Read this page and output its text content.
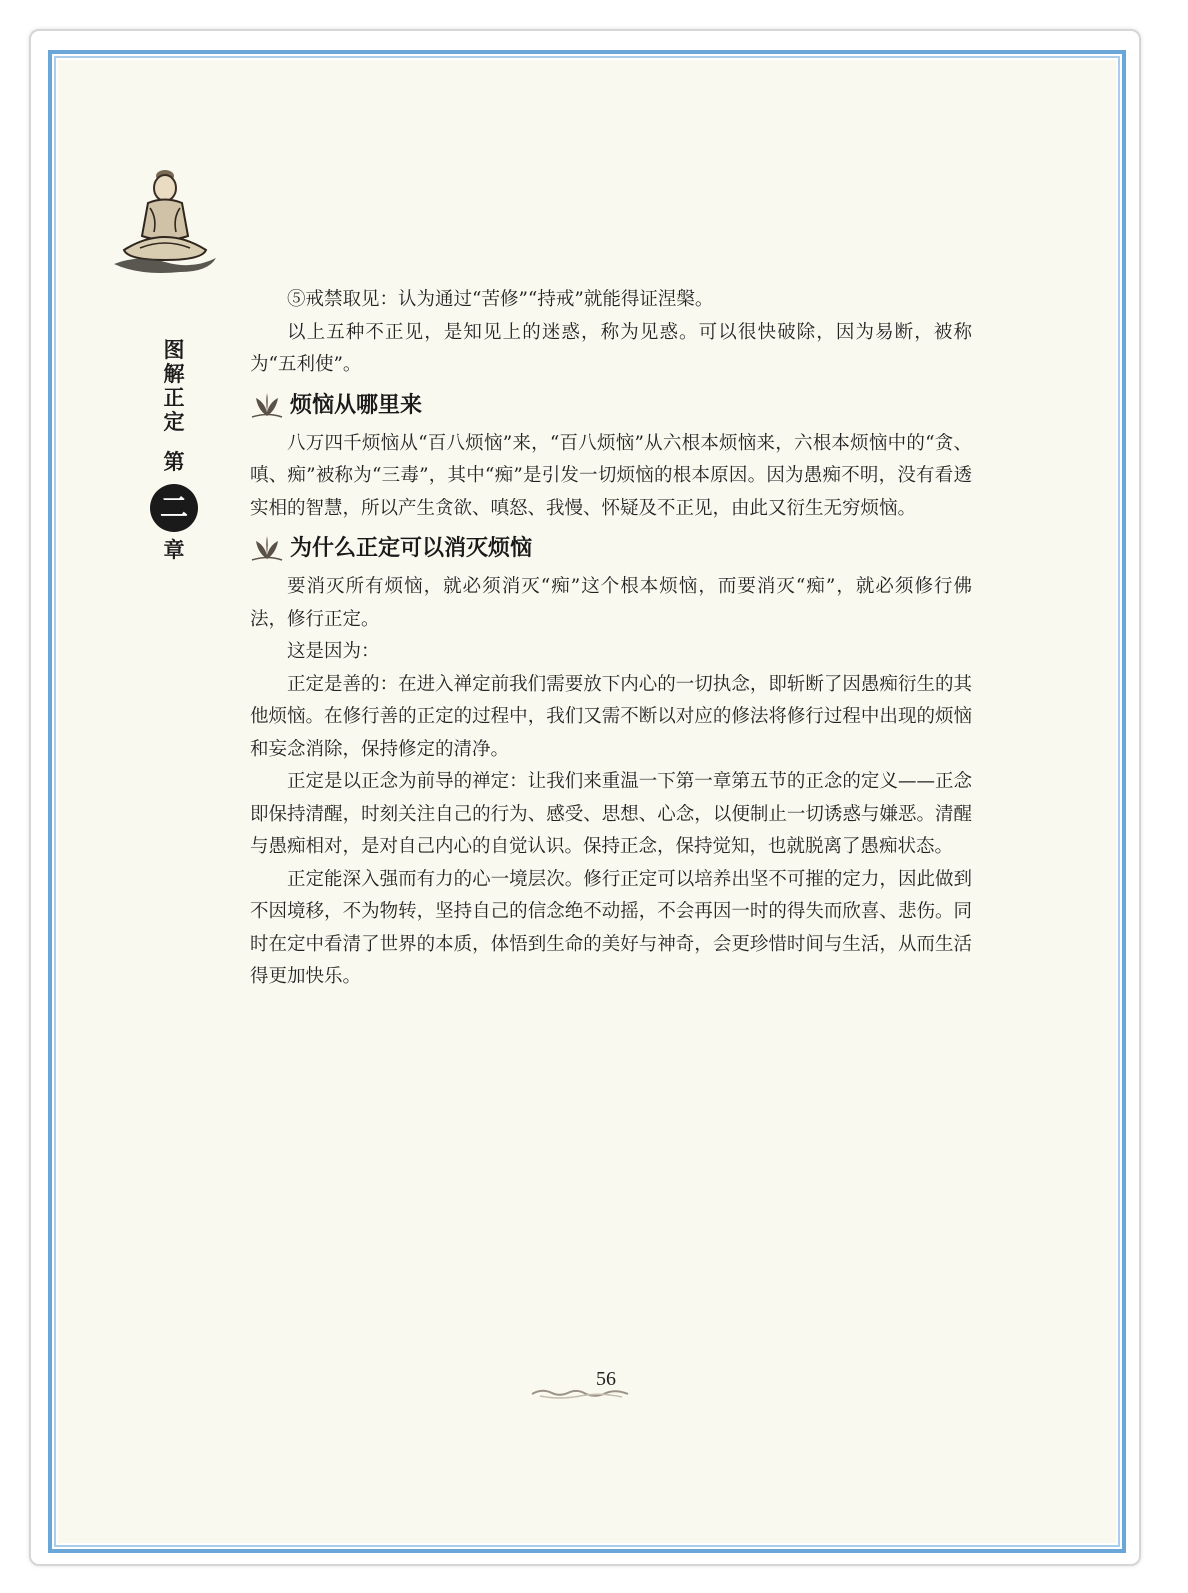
图解正定
第
二
章

⑤戒禁取见：认为通过“苦修”“持戒”就能得证涅槃。

以上五种不正见，是知见上的迷惑，称为见惑。可以很快破除，因为易断，被称为“五利使”。

烦恼从哪里来

八万四千烦恼从“百八烦恼”来，“百八烦恼”从六根本烦恼来，六根本烦恼中的“贪、嗔、痴”被称为“三毒”，其中“痴”是引发一切烦恼的根本原因。因为愚痴不明，没有看透实相的智慧，所以产生贪欲、嗔怒、我慢、怀疑及不正见，由此又衍生无穷烦恼。

为什么正定可以消灭烦恼

要消灭所有烦恼，就必须消灭“痴”这个根本烦恼，而要消灭“痴”，就必须修行佛法，修行正定。

这是因为：

正定是善的：在进入禅定前我们需要放下内心的一切执念，即斩断了因愚痴衍生的其他烦恼。在修行善的正定的过程中，我们又需不断以对应的修法将修行过程中出现的烦恼和妄念消除，保持修定的清净。

正定是以正念为前导的禅定：让我们来重温一下第一章第五节的正念的定义——正念即保持清醒，时刻关注自己的行为、感受、思想、心念，以便制止一切诱惑与嫌恶。清醒与愚痴相对，是对自己内心的自觉认识。保持正念，保持觉知，也就脱离了愚痴状态。

正定能深入强而有力的心一境层次。修行正定可以培养出坚不可摧的定力，因此做到不因境移，不为物转，坚持自己的信念绝不动摇，不会再因一时的得失而欣喜、悲伤。同时在定中看清了世界的本质，体悟到生命的美好与神奇，会更珍惜时间与生活，从而生活得更加快乐。

56
